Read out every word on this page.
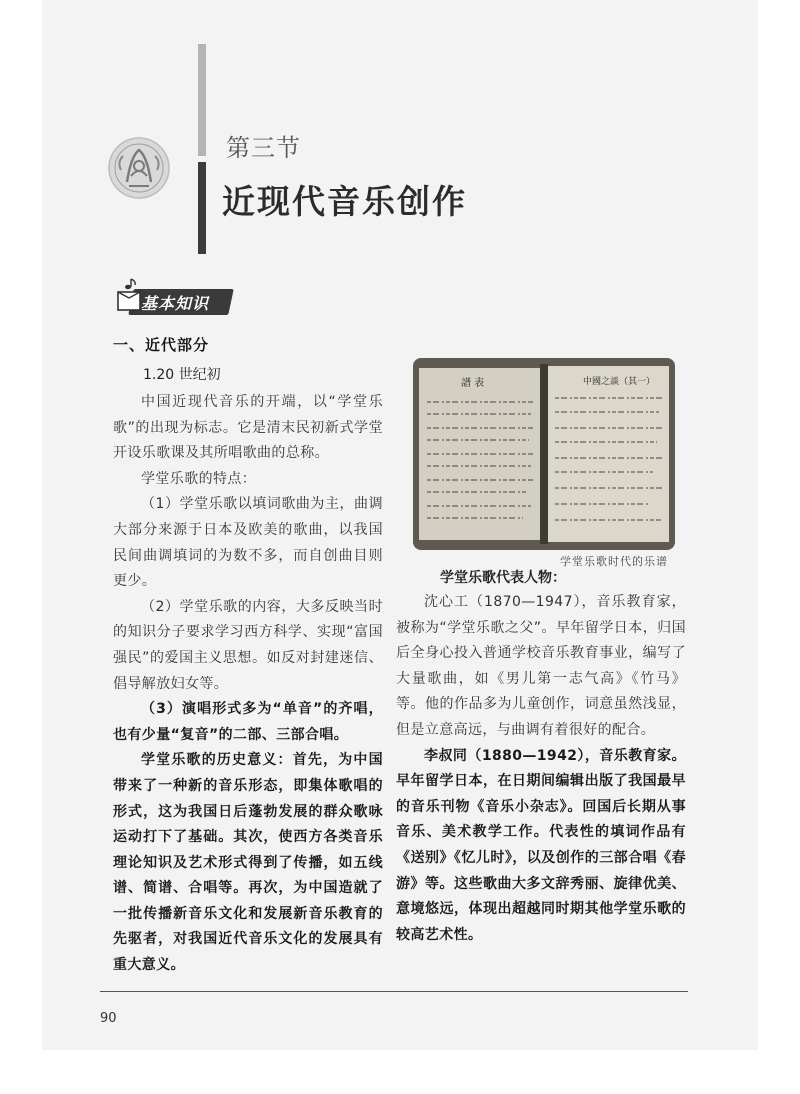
第三节
近现代音乐创作
基本知识
一、近代部分
1.20 世纪初

中国近现代音乐的开端，以“学堂乐歌”的出现为标志。它是清末民初新式学堂开设乐歌课及其所唱歌曲的总称。

学堂乐歌的特点：

（1）学堂乐歌以填词歌曲为主，曲调大部分来源于日本及欧美的歌曲，以我国民间曲调填词的为数不多，而自创曲目则更少。

（2）学堂乐歌的内容，大多反映当时的知识分子要求学习西方科学、实现“富国强民”的爱国主义思想。如反对封建迷信、倡导解放妇女等。

（3）演唱形式多为“单音”的齐唱，也有少量“复音”的二部、三部合唱。

学堂乐歌的历史意义：首先，为中国带来了一种新的音乐形态，即集体歌唱的形式，这为我国日后蓬勃发展的群众歌咏运动打下了基础。其次，使西方各类音乐理论知识及艺术形式得到了传播，如五线谱、简谱、合唱等。再次，为中国造就了一批传播新音乐文化和发展新音乐教育的先驱者，对我国近代音乐文化的发展具有重大意义。

譜 表	中國之談（其一）
学堂乐歌时代的乐谱
学堂乐歌代表人物：

沈心工（1870—1947），音乐教育家，被称为“学堂乐歌之父”。早年留学日本，归国后全身心投入普通学校音乐教育事业，编写了大量歌曲，如《男儿第一志气高》《竹马》等。他的作品多为儿童创作，词意虽然浅显，但是立意高远，与曲调有着很好的配合。

李叔同（1880—1942），音乐教育家。早年留学日本，在日期间编辑出版了我国最早的音乐刊物《音乐小杂志》。回国后长期从事音乐、美术教学工作。代表性的填词作品有《送别》《忆儿时》，以及创作的三部合唱《春游》等。这些歌曲大多文辞秀丽、旋律优美、意境悠远，体现出超越同时期其他学堂乐歌的较高艺术性。

90
